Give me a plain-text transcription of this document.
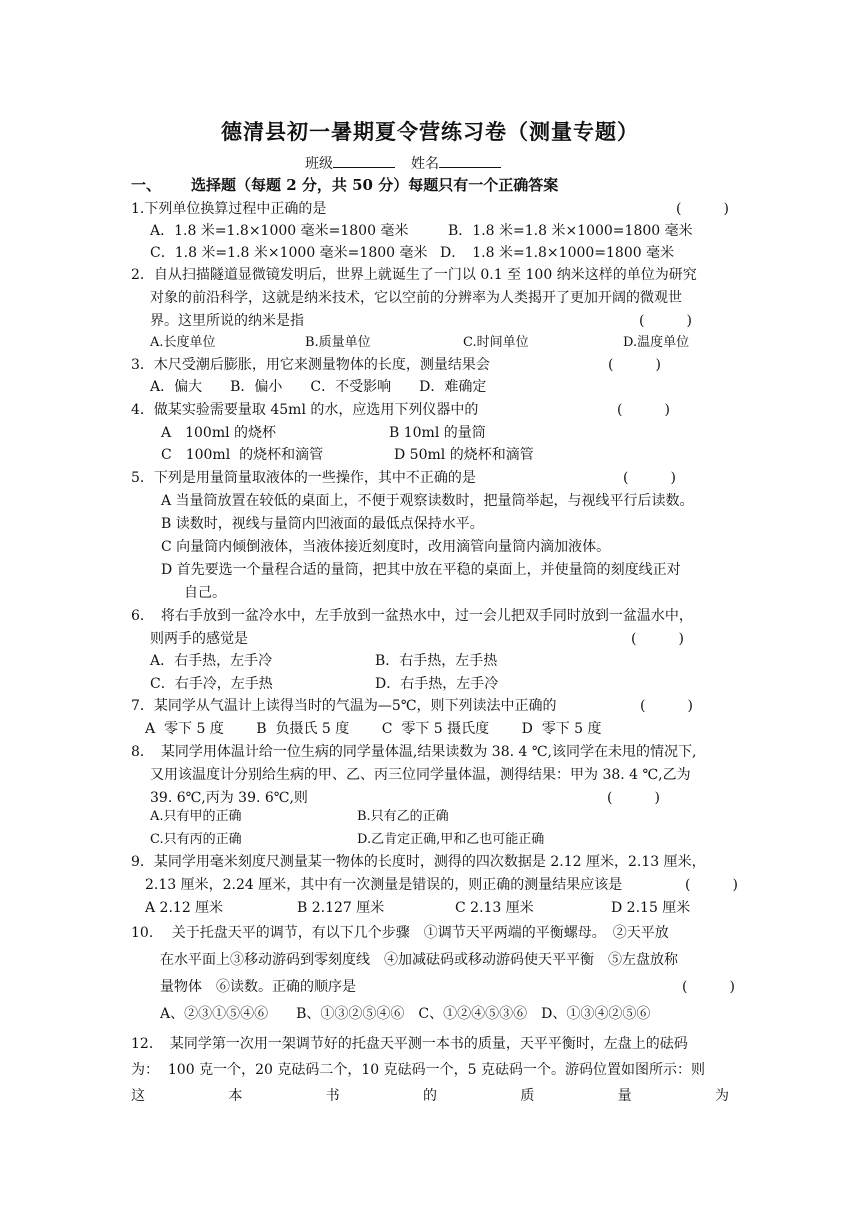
德清县初一暑期夏令营练习卷（测量专题）
班级	姓名
一、 选择题（每题 2 分，共 50 分）每题只有一个正确答案
1.下列单位换算过程中正确的是	(　　　)
A．1.8 米=1.8×1000 毫米=1800 毫米	B．1.8 米=1.8 米×1000=1800 毫米
C．1.8 米=1.8 米×1000 毫米=1800 毫米 D．　1.8 米=1.8×1000=1800 毫米
2．自从扫描隧道显微镜发明后，世界上就诞生了一门以 0.1 至 100 纳米这样的单位为研究
对象的前沿科学，这就是纳米技术，它以空前的分辨率为人类揭开了更加开阔的微观世
界。这里所说的纳米是指	(　　　)
A.长度单位	B.质量单位	C.时间单位	D.温度单位
3．木尺受潮后膨胀，用它来测量物体的长度，测量结果会	(　　　)
A．偏大　　B．偏小　　C．不受影响　　D．难确定
4．做某实验需要量取 45ml 的水，应选用下列仪器中的	(　　　)
A　100ml 的烧杯	B 10ml 的量筒
C　100ml  的烧杯和滴管	D 50ml 的烧杯和滴管
5．下列是用量筒量取液体的一些操作，其中不正确的是	(　　　)
A 当量筒放置在较低的桌面上，不便于观察读数时，把量筒举起，与视线平行后读数。
B 读数时，视线与量筒内凹液面的最低点保持水平。
C 向量筒内倾倒液体，当液体接近刻度时，改用滴管向量筒内滴加液体。
D 首先要选一个量程合适的量筒，把其中放在平稳的桌面上，并使量筒的刻度线正对
自己。
6．　将右手放到一盆冷水中，左手放到一盆热水中，过一会儿把双手同时放到一盆温水中，
则两手的感觉是	(　　　)
A．右手热，左手冷	B．右手热，左手热
C．右手冷，左手热	D．右手热，左手冷
7．某同学从气温计上读得当时的气温为—5℃，则下列读法中正确的	(　　　)
A  零下 5 度　　 B  负摄氏 5 度　　 C  零下 5 摄氏度　　 D  零下 5 度
8．　某同学用体温计给一位生病的同学量体温,结果读数为 38. 4 ℃,该同学在未甩的情况下,
又用该温度计分别给生病的甲、乙、丙三位同学量体温，测得结果：甲为 38. 4 ℃,乙为
39. 6℃,丙为 39. 6℃,则	(　　　)
A.只有甲的正确	B.只有乙的正确
C.只有丙的正确	D.乙肯定正确,甲和乙也可能正确
9．某同学用毫米刻度尺测量某一物体的长度时，测得的四次数据是 2.12 厘米，2.13 厘米，
2.13 厘米，2.24 厘米，其中有一次测量是错误的，则正确的测量结果应该是	(　　　)
A 2.12 厘米	B 2.127 厘米	C 2.13 厘米	D 2.15 厘米
10.　 关于托盘天平的调节，有以下几个步骤　①调节天平两端的平衡螺母。　②天平放
在水平面上③移动游码到零刻度线　④加减砝码或移动游码使天平平衡　⑤左盘放称
量物体　⑥读数。正确的顺序是	(　　　)
A、②③①⑤④⑥　　B、①③②⑤④⑥　C、①②④⑤③⑥　D、①③④②⑤⑥
12．　某同学第一次用一架调节好的托盘天平测一本书的质量，天平平衡时，左盘上的砝码
为：  100 克一个，20 克砝码二个，10 克砝码一个，5 克砝码一个。游码位置如图所示：则
这	本	书	的	质	量	为
